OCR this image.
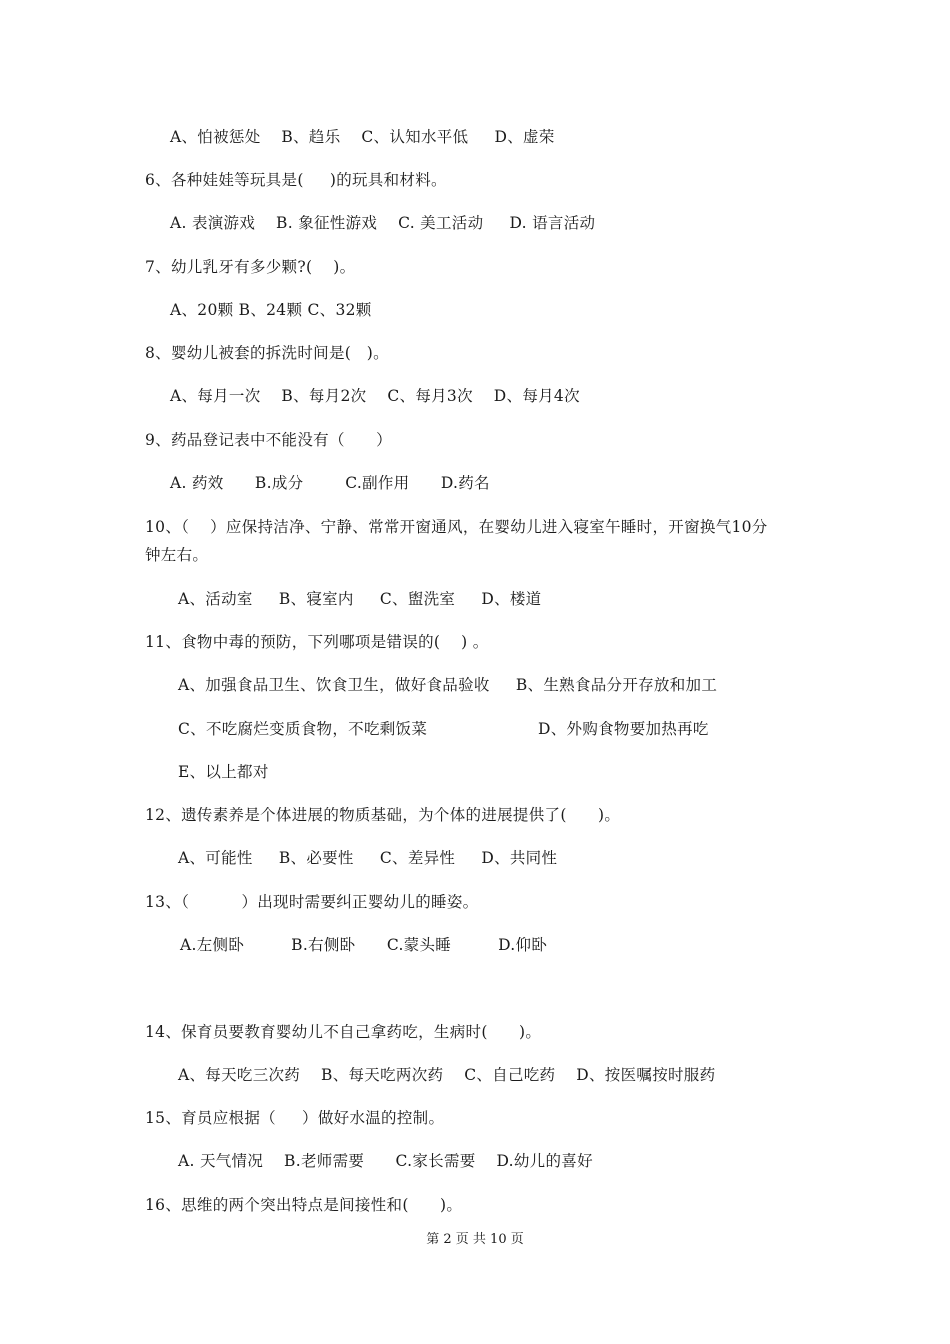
A、怕被惩处    B、趋乐    C、认知水平低     D、虚荣
6、各种娃娃等玩具是(     )的玩具和材料。
A. 表演游戏    B. 象征性游戏    C. 美工活动     D. 语言活动
7、幼儿乳牙有多少颗?(    )。
A、20颗 B、24颗 C、32颗
8、婴幼儿被套的拆洗时间是(   )。
A、每月一次    B、每月2次    C、每月3次    D、每月4次
9、药品登记表中不能没有（      ）
A. 药效      B.成分        C.副作用      D.药名
10、（    ）应保持洁净、宁静、常常开窗通风，在婴幼儿进入寝室午睡时，开窗换气10分
钟左右。
A、活动室     B、寝室内     C、盥洗室     D、楼道
11、食物中毒的预防，下列哪项是错误的(    ) 。
A、加强食品卫生、饮食卫生，做好食品验收     B、生熟食品分开存放和加工
C、不吃腐烂变质食物，不吃剩饭菜	D、外购食物要加热再吃
E、以上都对
12、遗传素养是个体进展的物质基础，为个体的进展提供了(      )。
A、可能性     B、必要性     C、差异性     D、共同性
13、（          ）出现时需要纠正婴幼儿的睡姿。
A.左侧卧         B.右侧卧      C.蒙头睡         D.仰卧
14、保育员要教育婴幼儿不自己拿药吃，生病时(      )。
A、每天吃三次药    B、每天吃两次药    C、自己吃药    D、按医嘱按时服药
15、育员应根据（     ）做好水温的控制。
A. 天气情况    B.老师需要      C.家长需要    D.幼儿的喜好
16、思维的两个突出特点是间接性和(      )。
第 2 页 共 10 页
